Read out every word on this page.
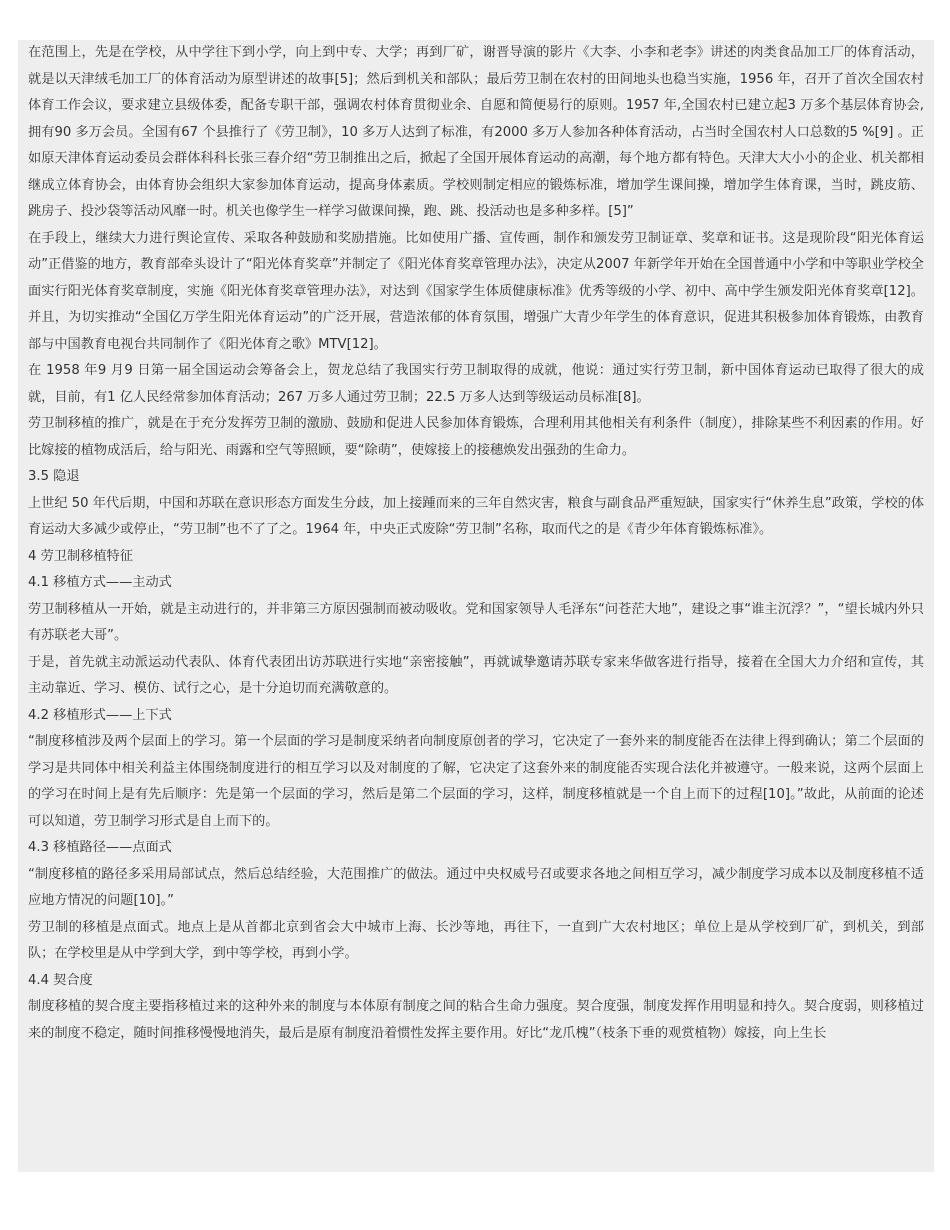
在范围上，先是在学校，从中学往下到小学，向上到中专、大学；再到厂矿，谢晋导演的影片《大李、小李和老李》讲述的肉类食品加工厂的体育活动，就是以天津绒毛加工厂的体育活动为原型讲述的故事[5]；然后到机关和部队；最后劳卫制在农村的田间地头也稳当实施，1956 年，召开了首次全国农村体育工作会议，要求建立县级体委，配备专职干部，强调农村体育贯彻业余、自愿和简便易行的原则。1957 年,全国农村已建立起3 万多个基层体育协会,拥有90 多万会员。全国有67 个县推行了《劳卫制》，10 多万人达到了标准，有2000 多万人参加各种体育活动，占当时全国农村人口总数的5 %[9] 。正如原天津体育运动委员会群体科科长张三春介绍“劳卫制推出之后，掀起了全国开展体育运动的高潮，每个地方都有特色。天津大大小小的企业、机关都相继成立体育协会，由体育协会组织大家参加体育运动，提高身体素质。学校则制定相应的锻炼标准，增加学生课间操，增加学生体育课，当时，跳皮筋、跳房子、投沙袋等活动风靡一时。机关也像学生一样学习做课间操，跑、跳、投活动也是多种多样。[5]”

在手段上，继续大力进行舆论宣传、采取各种鼓励和奖励措施。比如使用广播、宣传画，制作和颁发劳卫制证章、奖章和证书。这是现阶段“阳光体育运动”正借鉴的地方，教育部牵头设计了“阳光体育奖章”并制定了《阳光体育奖章管理办法》，决定从2007 年新学年开始在全国普通中小学和中等职业学校全面实行阳光体育奖章制度，实施《阳光体育奖章管理办法》，对达到《国家学生体质健康标准》优秀等级的小学、初中、高中学生颁发阳光体育奖章[12]。并且，为切实推动“全国亿万学生阳光体育运动”的广泛开展，营造浓郁的体育氛围，增强广大青少年学生的体育意识，促进其积极参加体育锻炼，由教育部与中国教育电视台共同制作了《阳光体育之歌》MTV[12]。

在 1958 年9 月9 日第一届全国运动会筹备会上，贺龙总结了我国实行劳卫制取得的成就，他说：通过实行劳卫制，新中国体育运动已取得了很大的成就，目前，有1 亿人民经常参加体育活动；267 万多人通过劳卫制；22.5 万多人达到等级运动员标准[8]。

劳卫制移植的推广，就是在于充分发挥劳卫制的激励、鼓励和促进人民参加体育锻炼，合理利用其他相关有利条件（制度），排除某些不利因素的作用。好比嫁接的植物成活后，给与阳光、雨露和空气等照顾，要“除萌”，使嫁接上的接穗焕发出强劲的生命力。

3.5 隐退

上世纪 50 年代后期，中国和苏联在意识形态方面发生分歧，加上接踵而来的三年自然灾害，粮食与副食品严重短缺，国家实行“休养生息”政策，学校的体育运动大多减少或停止，“劳卫制”也不了了之。1964 年，中央正式废除“劳卫制”名称，取而代之的是《青少年体育锻炼标准》。

4 劳卫制移植特征

4.1 移植方式——主动式

劳卫制移植从一开始，就是主动进行的，并非第三方原因强制而被动吸收。党和国家领导人毛泽东“问苍茫大地”，建设之事“谁主沉浮？”，“望长城内外只有苏联老大哥”。

于是，首先就主动派运动代表队、体育代表团出访苏联进行实地“亲密接触”，再就诚挚邀请苏联专家来华做客进行指导，接着在全国大力介绍和宣传，其主动靠近、学习、模仿、试行之心，是十分迫切而充满敬意的。

4.2 移植形式——上下式

“制度移植涉及两个层面上的学习。第一个层面的学习是制度采纳者向制度原创者的学习，它决定了一套外来的制度能否在法律上得到确认；第二个层面的学习是共同体中相关利益主体围绕制度进行的相互学习以及对制度的了解，它决定了这套外来的制度能否实现合法化并被遵守。一般来说，这两个层面上的学习在时间上是有先后顺序：先是第一个层面的学习，然后是第二个层面的学习，这样，制度移植就是一个自上而下的过程[10]。”故此，从前面的论述可以知道，劳卫制学习形式是自上而下的。

4.3 移植路径——点面式

“制度移植的路径多采用局部试点，然后总结经验，大范围推广的做法。通过中央权威号召或要求各地之间相互学习，减少制度学习成本以及制度移植不适应地方情况的问题[10]。”

劳卫制的移植是点面式。地点上是从首都北京到省会大中城市上海、长沙等地，再往下，一直到广大农村地区；单位上是从学校到厂矿，到机关，到部队；在学校里是从中学到大学，到中等学校，再到小学。

4.4 契合度

制度移植的契合度主要指移植过来的这种外来的制度与本体原有制度之间的粘合生命力强度。契合度强，制度发挥作用明显和持久。契合度弱，则移植过来的制度不稳定，随时间推移慢慢地消失，最后是原有制度沿着惯性发挥主要作用。好比“龙爪槐”（枝条下垂的观赏植物）嫁接，向上生长
